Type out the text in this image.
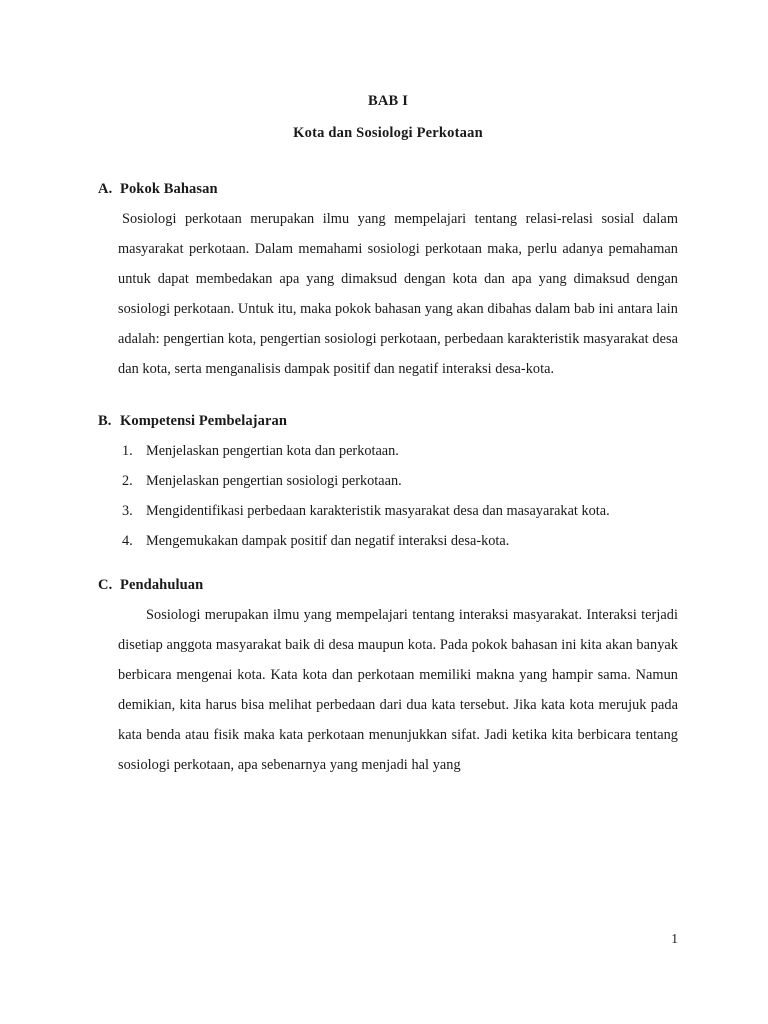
BAB I
Kota dan Sosiologi Perkotaan
A. Pokok Bahasan

Sosiologi perkotaan merupakan ilmu yang mempelajari tentang relasi-relasi sosial dalam masyarakat perkotaan. Dalam memahami sosiologi perkotaan maka, perlu adanya pemahaman untuk dapat membedakan apa yang dimaksud dengan kota dan apa yang dimaksud dengan sosiologi perkotaan. Untuk itu, maka pokok bahasan yang akan dibahas dalam bab ini antara lain adalah: pengertian kota, pengertian sosiologi perkotaan, perbedaan karakteristik masyarakat desa dan kota, serta menganalisis dampak positif dan negatif interaksi desa-kota.

B. Kompetensi Pembelajaran
1. Menjelaskan pengertian kota dan perkotaan.
2. Menjelaskan pengertian sosiologi perkotaan.
3. Mengidentifikasi perbedaan karakteristik masyarakat desa dan masayarakat kota.
4. Mengemukakan dampak positif dan negatif interaksi desa-kota.
C. Pendahuluan

Sosiologi merupakan ilmu yang mempelajari tentang interaksi masyarakat. Interaksi terjadi disetiap anggota masyarakat baik di desa maupun kota. Pada pokok bahasan ini kita akan banyak berbicara mengenai kota. Kata kota dan perkotaan memiliki makna yang hampir sama. Namun demikian, kita harus bisa melihat perbedaan dari dua kata tersebut. Jika kata kota merujuk pada kata benda atau fisik maka kata perkotaan menunjukkan sifat. Jadi ketika kita berbicara tentang sosiologi perkotaan, apa sebenarnya yang menjadi hal yang

1
